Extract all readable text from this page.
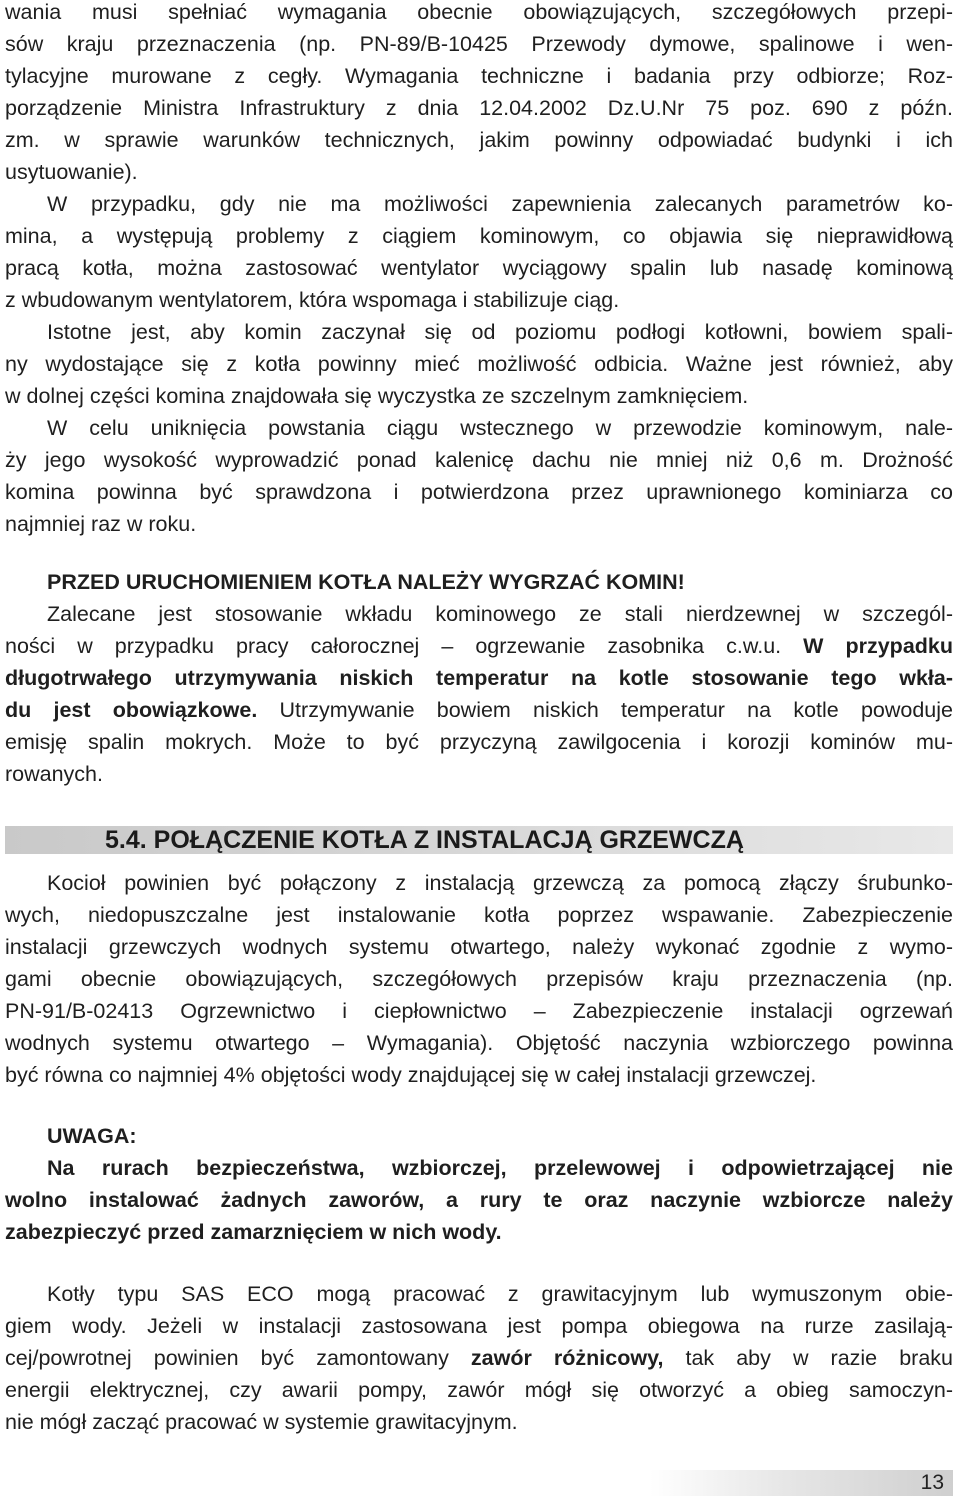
wania musi spełniać wymagania obecnie obowiązujących, szczegółowych przepi-
sów kraju przeznaczenia (np. PN-89/B-10425 Przewody dymowe, spalinowe i wen-
tylacyjne murowane z cegły. Wymagania techniczne i badania przy odbiorze; Roz-
porządzenie Ministra Infrastruktury z dnia 12.04.2002 Dz.U.Nr 75 poz. 690 z późn.
zm. w sprawie warunków technicznych, jakim powinny odpowiadać budynki i ich
usytuowanie).
W przypadku, gdy nie ma możliwości zapewnienia zalecanych parametrów ko-
mina, a występują problemy z ciągiem kominowym, co objawia się nieprawidłową
pracą kotła, można zastosować wentylator wyciągowy spalin lub nasadę kominową
z wbudowanym wentylatorem, która wspomaga i stabilizuje ciąg.
Istotne jest, aby komin zaczynał się od poziomu podłogi kotłowni, bowiem spali-
ny wydostające się z kotła powinny mieć możliwość odbicia. Ważne jest również, aby
w dolnej części komina znajdowała się wyczystka ze szczelnym zamknięciem.
W celu uniknięcia powstania ciągu wstecznego w przewodzie kominowym, nale-
ży jego wysokość wyprowadzić ponad kalenicę dachu nie mniej niż 0,6 m. Drożność
komina powinna być sprawdzona i potwierdzona przez uprawnionego kominiarza co
najmniej raz w roku.
PRZED URUCHOMIENIEM KOTŁA NALEŻY WYGRZAĆ KOMIN!
Zalecane jest stosowanie wkładu kominowego ze stali nierdzewnej w szczegól-
ności w przypadku pracy całorocznej – ogrzewanie zasobnika c.w.u. W przypadku
długotrwałego utrzymywania niskich temperatur na kotle stosowanie tego wkła-
du jest obowiązkowe. Utrzymywanie bowiem niskich temperatur na kotle powoduje
emisję spalin mokrych. Może to być przyczyną zawilgocenia i korozji kominów mu-
rowanych.
5.4. POŁĄCZENIE KOTŁA Z INSTALACJĄ GRZEWCZĄ
Kocioł powinien być połączony z instalacją grzewczą za pomocą złączy śrubunko-
wych, niedopuszczalne jest instalowanie kotła poprzez wspawanie. Zabezpieczenie
instalacji grzewczych wodnych systemu otwartego, należy wykonać zgodnie z wymo-
gami obecnie obowiązujących, szczegółowych przepisów kraju przeznaczenia (np.
PN-91/B-02413 Ogrzewnictwo i ciepłownictwo – Zabezpieczenie instalacji ogrzewań
wodnych systemu otwartego – Wymagania). Objętość naczynia wzbiorczego powinna
być równa co najmniej 4% objętości wody znajdującej się w całej instalacji grzewczej.
UWAGA:
Na rurach bezpieczeństwa, wzbiorczej, przelewowej i odpowietrzającej nie
wolno instalować żadnych zaworów, a rury te oraz naczynie wzbiorcze należy
zabezpieczyć przed zamarznięciem w nich wody.
Kotły typu SAS ECO mogą pracować z grawitacyjnym lub wymuszonym obie-
giem wody. Jeżeli w instalacji zastosowana jest pompa obiegowa na rurze zasilają-
cej/powrotnej powinien być zamontowany zawór różnicowy, tak aby w razie braku
energii elektrycznej, czy awarii pompy, zawór mógł się otworzyć a obieg samoczyn-
nie mógł zacząć pracować w systemie grawitacyjnym.
13
